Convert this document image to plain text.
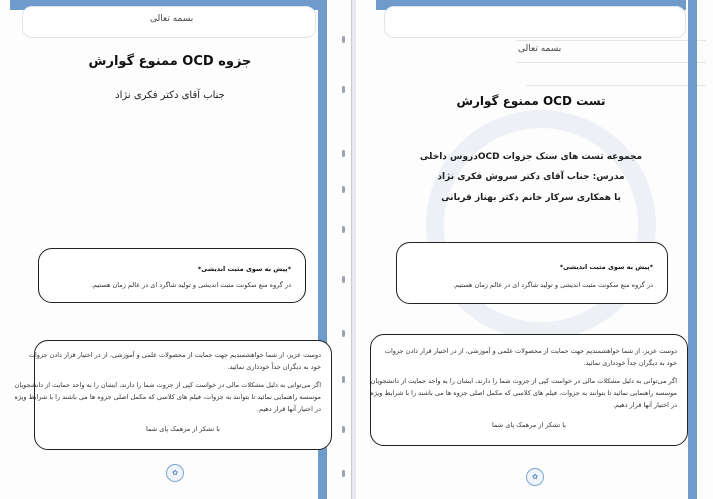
بسمه تعالی
جزوه OCD ممنوع گوارش
جناب آقای دکتر فکری نژاد
*پیش به سوی مثبت اندیشی*
در گروه منع سکونت مثبت اندیشی و تولید شاگرد ای در عالم زمان هستیم.
دوست عزیز، از شما خواهشمندیم جهت حمایت از محصولات علمی و آموزشی، از در اختیار قرار دادن جزوات
خود به دیگران جداً خودداری نمائید.
اگر می‌توانی به دلیل مشکلات مالی در خواست کپی از جزوت شما را دارند، ایشان را به واحد حمایت از دانشجویان
موسسه راهنمایی نمائید تا بتوانند به جزوات، فیلم های کلاسی که مکمل اصلی جزوه ها می باشند را با شرایط ویژه
در اختیار آنها قرار دهیم.
با تشکر از مرهمک پای شما
✿
بسمه تعالی
تست OCD ممنوع گوارش
مجموعه تست های ستک جزوات OCDدروس داخلی
مدرس: جناب آقای دکتر سروش فکری نژاد
با همکاری سرکار خانم دکتر بهناز قربانی
*پیش به سوی مثبت اندیشی*
در گروه منع سکونت مثبت اندیشی و تولید شاگرد ای در عالم زمان هستیم.
دوست عزیز، از شما خواهشمندیم جهت حمایت از محصولات علمی و آموزشی، از در اختیار قرار دادن جزوات
خود به دیگران جداً خودداری نمائید.
اگر می‌توانی به دلیل مشکلات مالی در خواست کپی از جزوت شما را دارند، ایشان را به واحد حمایت از دانشجویان
موسسه راهنمایی نمائید تا بتوانند به جزوات، فیلم های کلاسی که مکمل اصلی جزوه ها می باشند را با شرایط ویژه
در اختیار آنها قرار دهیم.
با تشکر از مرهمک پای شما
✿
